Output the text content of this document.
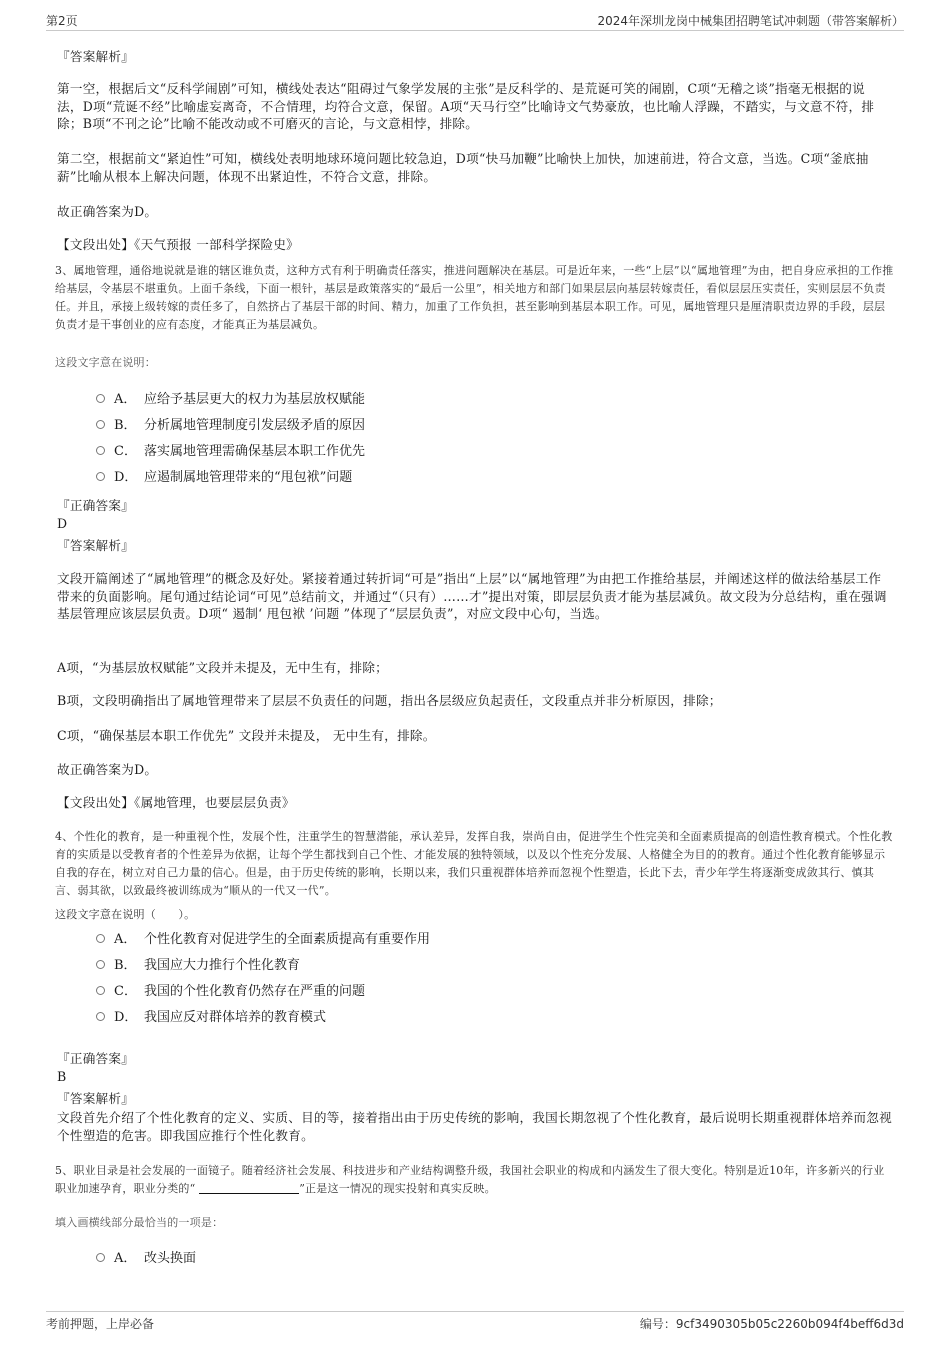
第2页	2024年深圳龙岗中械集团招聘笔试冲刺题（带答案解析）
『答案解析』
第一空，根据后文“反科学闹剧”可知，横线处表达“阻碍过气象学发展的主张”是反科学的、是荒诞可笑的闹剧，C项“无稽之谈”指毫无根据的说法，D项“荒诞不经”比喻虚妄离奇，不合情理，均符合文意，保留。A项“天马行空”比喻诗文气势豪放，也比喻人浮躁，不踏实，与文意不符，排除；B项“不刊之论”比喻不能改动或不可磨灭的言论，与文意相悖，排除。
第二空，根据前文“紧迫性”可知，横线处表明地球环境问题比较急迫，D项“快马加鞭”比喻快上加快，加速前进，符合文意，当选。C项“釜底抽薪”比喻从根本上解决问题，体现不出紧迫性，不符合文意，排除。
故正确答案为D。
【文段出处】《天气预报 一部科学探险史》
3、属地管理，通俗地说就是谁的辖区谁负责，这种方式有利于明确责任落实，推进问题解决在基层。可是近年来，一些“上层”以“属地管理”为由，把自身应承担的工作推给基层，令基层不堪重负。上面千条线，下面一根针，基层是政策落实的“最后一公里”，相关地方和部门如果层层向基层转嫁责任，看似层层压实责任，实则层层不负责任。并且，承接上级转嫁的责任多了，自然挤占了基层干部的时间、精力，加重了工作负担，甚至影响到基层本职工作。可见，属地管理只是厘清职责边界的手段，层层负责才是干事创业的应有态度，才能真正为基层减负。
这段文字意在说明：
A． 应给予基层更大的权力为基层放权赋能
B． 分析属地管理制度引发层级矛盾的原因
C． 落实属地管理需确保基层本职工作优先
D． 应遏制属地管理带来的“甩包袱”问题
『正确答案』
D
『答案解析』
文段开篇阐述了“属地管理”的概念及好处。紧接着通过转折词“可是”指出“上层”以“属地管理”为由把工作推给基层，并阐述这样的做法给基层工作带来的负面影响。尾句通过结论词“可见”总结前文，并通过“（只有）……才”提出对策，即层层负责才能为基层减负。故文段为分总结构，重在强调基层管理应该层层负责。D项“ 遏制‘ 甩包袱 ’问题 ”体现了“层层负责”，对应文段中心句，当选。
A项，“为基层放权赋能”文段并未提及，无中生有，排除；
B项，文段明确指出了属地管理带来了层层不负责任的问题，指出各层级应负起责任，文段重点并非分析原因，排除；
C项，“确保基层本职工作优先” 文段并未提及， 无中生有，排除。
故正确答案为D。
【文段出处】《属地管理，也要层层负责》
4、个性化的教育，是一种重视个性，发展个性，注重学生的智慧潜能，承认差异，发挥自我，崇尚自由，促进学生个性完美和全面素质提高的创造性教育模式。个性化教育的实质是以受教育者的个性差异为依据，让每个学生都找到自己个性、才能发展的独特领域，以及以个性充分发展、人格健全为目的的教育。通过个性化教育能够显示自我的存在，树立对自己力量的信心。但是，由于历史传统的影响，长期以来，我们只重视群体培养而忽视个性塑造，长此下去，青少年学生将逐渐变成敛其行、慎其言、弱其欲，以致最终被训练成为“顺从的一代又一代”。
这段文字意在说明（　　）。
A． 个性化教育对促进学生的全面素质提高有重要作用
B． 我国应大力推行个性化教育
C． 我国的个性化教育仍然存在严重的问题
D． 我国应反对群体培养的教育模式
『正确答案』
B
『答案解析』
文段首先介绍了个性化教育的定义、实质、目的等，接着指出由于历史传统的影响，我国长期忽视了个性化教育，最后说明长期重视群体培养而忽视个性塑造的危害。即我国应推行个性化教育。
5、职业目录是社会发展的一面镜子。随着经济社会发展、科技进步和产业结构调整升级，我国社会职业的构成和内涵发生了很大变化。特别是近10年，许多新兴的行业职业加速孕育，职业分类的“	”正是这一情况的现实投射和真实反映。
填入画横线部分最恰当的一项是：
A． 改头换面
考前押题，上岸必备	编号：9cf3490305b05c2260b094f4beff6d3d
